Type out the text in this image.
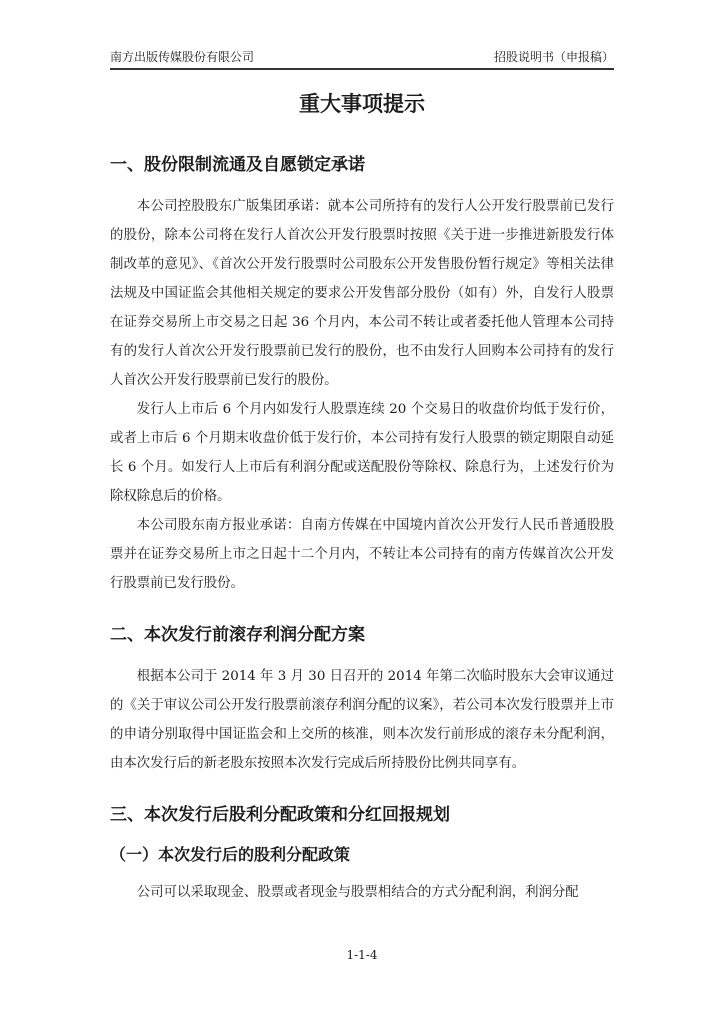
南方出版传媒股份有限公司	招股说明书（申报稿）
重大事项提示
一、股份限制流通及自愿锁定承诺

本公司控股股东广版集团承诺：就本公司所持有的发行人公开发行股票前已发行的股份，除本公司将在发行人首次公开发行股票时按照《关于进一步推进新股发行体制改革的意见》、《首次公开发行股票时公司股东公开发售股份暂行规定》等相关法律法规及中国证监会其他相关规定的要求公开发售部分股份（如有）外，自发行人股票在证券交易所上市交易之日起 36 个月内，本公司不转让或者委托他人管理本公司持有的发行人首次公开发行股票前已发行的股份，也不由发行人回购本公司持有的发行人首次公开发行股票前已发行的股份。

发行人上市后 6 个月内如发行人股票连续 20 个交易日的收盘价均低于发行价，或者上市后 6 个月期末收盘价低于发行价，本公司持有发行人股票的锁定期限自动延长 6 个月。如发行人上市后有利润分配或送配股份等除权、除息行为，上述发行价为除权除息后的价格。

本公司股东南方报业承诺：自南方传媒在中国境内首次公开发行人民币普通股股票并在证券交易所上市之日起十二个月内，不转让本公司持有的南方传媒首次公开发行股票前已发行股份。

二、本次发行前滚存利润分配方案

根据本公司于 2014 年 3 月 30 日召开的 2014 年第二次临时股东大会审议通过的《关于审议公司公开发行股票前滚存利润分配的议案》，若公司本次发行股票并上市的申请分别取得中国证监会和上交所的核准，则本次发行前形成的滚存未分配利润，由本次发行后的新老股东按照本次发行完成后所持股份比例共同享有。

三、本次发行后股利分配政策和分红回报规划
（一）本次发行后的股利分配政策

公司可以采取现金、股票或者现金与股票相结合的方式分配利润，利润分配

1-1-4
